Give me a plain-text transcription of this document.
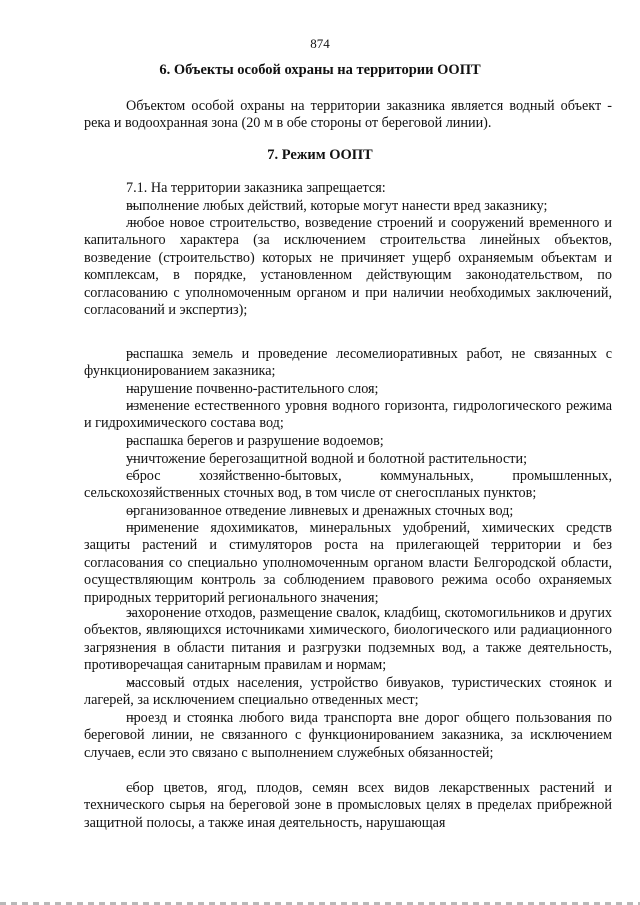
874
6. Объекты особой охраны на территории ООПТ
Объектом особой охраны на территории заказника является водный объект - река и водоохранная зона (20 м в обе стороны от береговой линии).
7. Режим ООПТ
7.1. На территории заказника запрещается:
– выполнение любых действий, которые могут нанести вред заказнику;
– любое новое строительство, возведение строений и сооружений временного и капитального характера (за исключением строительства линейных объектов, возведение (строительство) которых не причиняет ущерб охраняемым объектам и комплексам, в порядке, установленном действующим законодательством, по согласованию с уполномоченным органом и при наличии необходимых заключений, согласований и экспертиз);
– распашка земель и проведение лесомелиоративных работ, не связанных с функционированием заказника;
– нарушение почвенно-растительного слоя;
– изменение естественного уровня водного горизонта, гидрологического режима и гидрохимического состава вод;
– распашка берегов и разрушение водоемов;
– уничтожение берегозащитной водной и болотной растительности;
– сброс хозяйственно-бытовых, коммунальных, промышленных, сельскохозяйственных сточных вод, в том числе от снегоспланых пунктов;
– организованное отведение ливневых и дренажных сточных вод;
– применение ядохимикатов, минеральных удобрений, химических средств защиты растений и стимуляторов роста на прилегающей территории и без согласования со специально уполномоченным органом власти Белгородской области, осуществляющим контроль за соблюдением правового режима особо охраняемых природных территорий регионального значения;
– захоронение отходов, размещение свалок, кладбищ, скотомогильников и других объектов, являющихся источниками химического, биологического или радиационного загрязнения в области питания и разгрузки подземных вод, а также деятельность, противоречащая санитарным правилам и нормам;
– массовый отдых населения, устройство бивуаков, туристических стоянок и лагерей, за исключением специально отведенных мест;
– проезд и стоянка любого вида транспорта вне дорог общего пользования по береговой линии, не связанного с функционированием заказника, за исключением случаев, если это связано с выполнением служебных обязанностей;
– сбор цветов, ягод, плодов, семян всех видов лекарственных растений и технического сырья на береговой зоне в промысловых целях в пределах прибрежной защитной полосы, а также иная деятельность, нарушающая
